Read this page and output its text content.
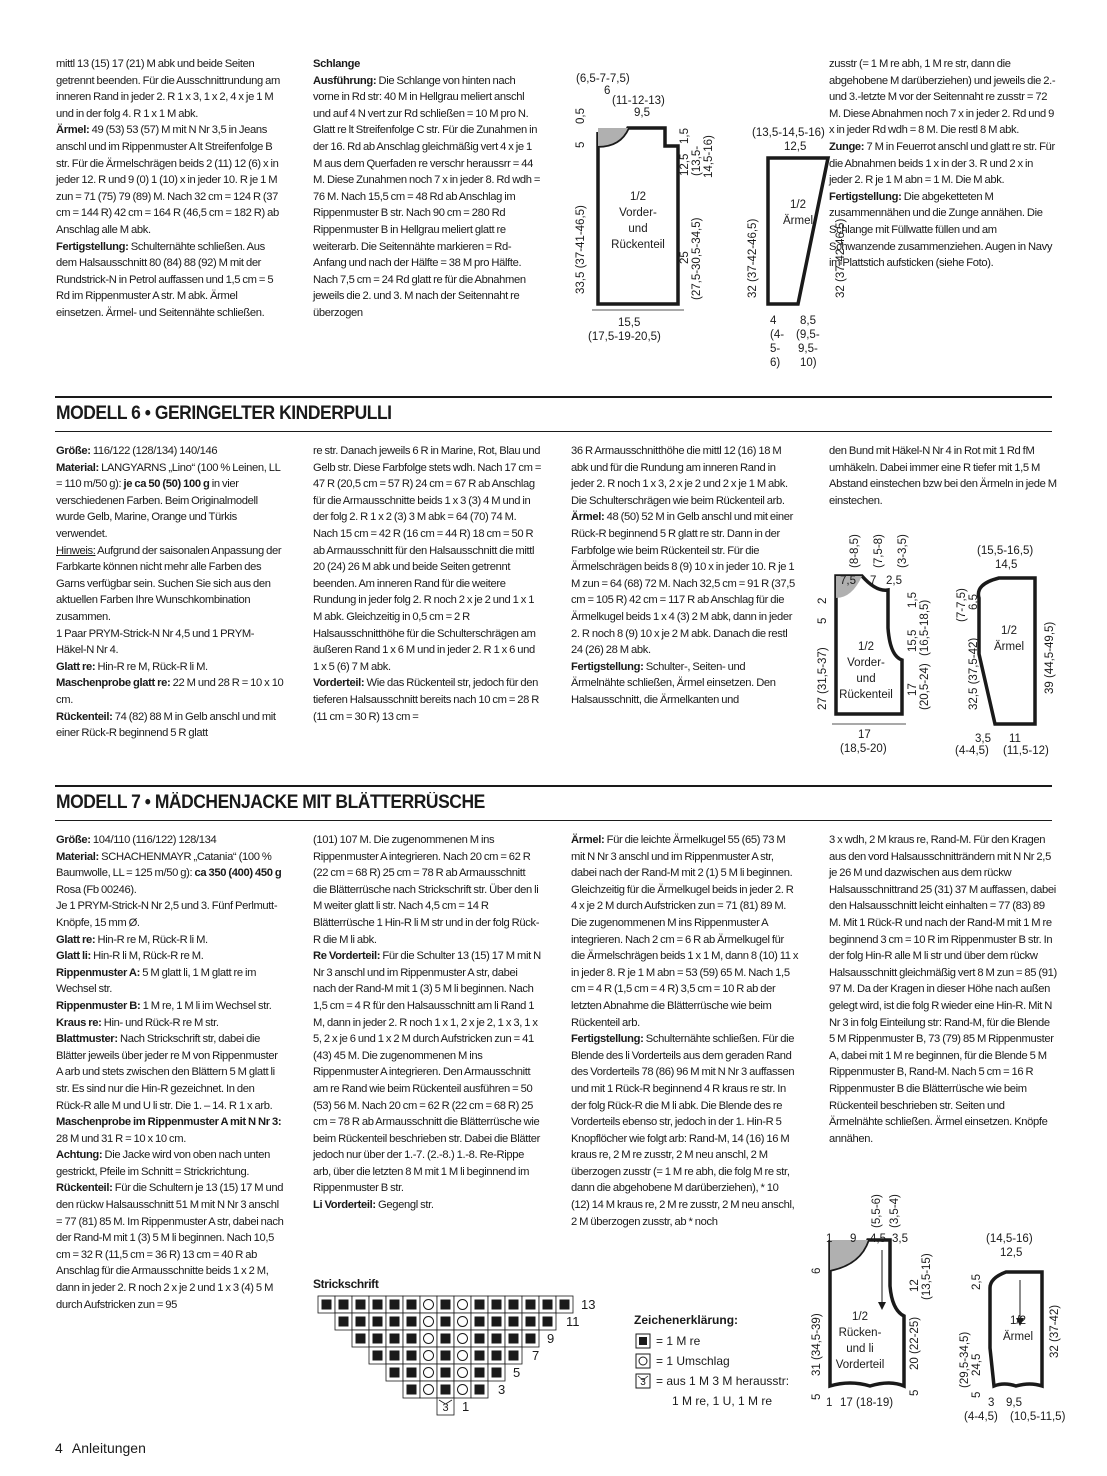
mittl 13 (15) 17 (21) M abk und beide Seiten getrennt beenden. Für die Ausschnittrundung am inneren Rand in jeder 2. R 1 x 3, 1 x 2, 4 x je 1 M und in der folg 4. R 1 x 1 M abk.

Ärmel: 49 (53) 53 (57) M mit N Nr 3,5 in Jeans anschl und im Rippenmuster A lt Streifenfolge B str. Für die Ärmelschrägen beids 2 (11) 12 (6) x in jeder 12. R und 9 (0) 1 (10) x in jeder 10. R je 1 M zun = 71 (75) 79 (89) M. Nach 32 cm = 124 R (37 cm = 144 R) 42 cm = 164 R (46,5 cm = 182 R) ab Anschlag alle M abk.

Fertigstellung: Schulternähte schließen. Aus dem Halsausschnitt 80 (84) 88 (92) M mit der Rundstrick-N in Petrol auffassen und 1,5 cm = 5 Rd im Rippenmuster A str. M abk. Ärmel einsetzen. Ärmel- und Seitennähte schließen.

Schlange

Ausführung: Die Schlange von hinten nach vorne in Rd str: 40 M in Hellgrau meliert anschl und auf 4 N vert zur Rd schließen = 10 M pro N. Glatt re lt Streifenfolge C str. Für die Zunahmen in der 16. Rd ab Anschlag gleichmäßig vert 4 x je 1 M aus dem Querfaden re verschr heraussrr = 44 M. Diese Zunahmen noch 7 x in jeder 8. Rd wdh = 76 M. Nach 15,5 cm = 48 Rd ab Anschlag im Rippenmuster B str. Nach 90 cm = 280 Rd Rippenmuster B in Hellgrau meliert glatt re weiterarb. Die Seitennähte markieren = Rd-Anfang und nach der Hälfte = 38 M pro Hälfte. Nach 7,5 cm = 24 Rd glatt re für die Abnahmen jeweils die 2. und 3. M nach der Seitennaht re überzogen

zusstr (= 1 M re abh, 1 M re str, dann die abgehobene M darüberziehen) und jeweils die 2.- und 3.-letzte M vor der Seitennaht re zusstr = 72 M. Diese Abnahmen noch 7 x in jeder 2. Rd und 9 x in jeder Rd wdh = 8 M. Die restl 8 M abk.

Zunge: 7 M in Feuerrot anschl und glatt re str. Für die Abnahmen beids 1 x in der 3. R und 2 x in jeder 2. R je 1 M abn = 1 M. Die M abk.

Fertigstellung: Die abgeketteten M zusammennähen und die Zunge annähen. Die Schlange mit Füllwatte füllen und am Schwanzende zusammenziehen. Augen in Navy im Plattstich aufsticken (siehe Foto).

MODELL 6 • GERINGELTER KINDERPULLI

Größe: 116/122 (128/134) 140/146

Material: LANGYARNS „Lino“ (100 % Leinen, LL = 110 m/50 g): je ca 50 (50) 100 g in vier verschiedenen Farben. Beim Originalmodell wurde Gelb, Marine, Orange und Türkis verwendet.

Hinweis: Aufgrund der saisonalen Anpassung der Farbkarte können nicht mehr alle Farben des Garns verfügbar sein. Suchen Sie sich aus den aktuellen Farben Ihre Wunschkombination zusammen.

1 Paar PRYM-Strick-N Nr 4,5 und 1 PRYM-Häkel-N Nr 4.

Glatt re: Hin-R re M, Rück-R li M.

Maschenprobe glatt re: 22 M und 28 R = 10 x 10 cm.

Rückenteil: 74 (82) 88 M in Gelb anschl und mit einer Rück-R beginnend 5 R glatt

re str. Danach jeweils 6 R in Marine, Rot, Blau und Gelb str. Diese Farbfolge stets wdh. Nach 17 cm = 47 R (20,5 cm = 57 R) 24 cm = 67 R ab Anschlag für die Armausschnitte beids 1 x 3 (3) 4 M und in der folg 2. R 1 x 2 (3) 3 M abk = 64 (70) 74 M. Nach 15 cm = 42 R (16 cm = 44 R) 18 cm = 50 R ab Armausschnitt für den Halsausschnitt die mittl 20 (24) 26 M abk und beide Seiten getrennt beenden. Am inneren Rand für die weitere Rundung in jeder folg 2. R noch 2 x je 2 und 1 x 1 M abk. Gleichzeitig in 0,5 cm = 2 R Halsausschnitthöhe für die Schulterschrägen am äußeren Rand 1 x 6 M und in jeder 2. R 1 x 6 und 1 x 5 (6) 7 M abk.

Vorderteil: Wie das Rückenteil str, jedoch für den tieferen Halsausschnitt bereits nach 10 cm = 28 R (11 cm = 30 R) 13 cm =

36 R Armausschnitthöhe die mittl 12 (16) 18 M abk und für die Rundung am inneren Rand in jeder 2. R noch 1 x 3, 2 x je 2 und 2 x je 1 M abk. Die Schulterschrägen wie beim Rückenteil arb.

Ärmel: 48 (50) 52 M in Gelb anschl und mit einer Rück-R beginnend 5 R glatt re str. Dann in der Farbfolge wie beim Rückenteil str. Für die Ärmelschrägen beids 8 (9) 10 x in jeder 10. R je 1 M zun = 64 (68) 72 M. Nach 32,5 cm = 91 R (37,5 cm = 105 R) 42 cm = 117 R ab Anschlag für die Ärmelkugel beids 1 x 4 (3) 2 M abk, dann in jeder 2. R noch 8 (9) 10 x je 2 M abk. Danach die restl 24 (26) 28 M abk.

Fertigstellung: Schulter-, Seiten- und Ärmelnähte schließen, Ärmel einsetzen. Den Halsausschnitt, die Ärmelkanten und

den Bund mit Häkel-N Nr 4 in Rot mit 1 Rd fM umhäkeln. Dabei immer eine R tiefer mit 1,5 M Abstand einstechen bzw bei den Ärmeln in jede M einstechen.

MODELL 7 • MÄDCHENJACKE MIT BLÄTTERRÜSCHE

Größe: 104/110 (116/122) 128/134

Material: SCHACHENMAYR „Catania“ (100 % Baumwolle, LL = 125 m/50 g): ca 350 (400) 450 g Rosa (Fb 00246).

Je 1 PRYM-Strick-N Nr 2,5 und 3. Fünf Perlmutt-Knöpfe, 15 mm Ø.

Glatt re: Hin-R re M, Rück-R li M.

Glatt li: Hin-R li M, Rück-R re M.

Rippenmuster A: 5 M glatt li, 1 M glatt re im Wechsel str.

Rippenmuster B: 1 M re, 1 M li im Wechsel str.

Kraus re: Hin- und Rück-R re M str.

Blattmuster: Nach Strickschrift str, dabei die Blätter jeweils über jeder re M von Rippenmuster A arb und stets zwischen den Blättern 5 M glatt li str. Es sind nur die Hin-R gezeichnet. In den Rück-R alle M und U li str. Die 1. – 14. R 1 x arb.

Maschenprobe im Rippenmuster A mit N Nr 3: 28 M und 31 R = 10 x 10 cm.

Achtung: Die Jacke wird von oben nach unten gestrickt, Pfeile im Schnitt = Strickrichtung.

Rückenteil: Für die Schultern je 13 (15) 17 M und den rückw Halsausschnitt 51 M mit N Nr 3 anschl = 77 (81) 85 M. Im Rippenmuster A str, dabei nach der Rand-M mit 1 (3) 5 M li beginnen. Nach 10,5 cm = 32 R (11,5 cm = 36 R) 13 cm = 40 R ab Anschlag für die Armausschnitte beids 1 x 2 M, dann in jeder 2. R noch 2 x je 2 und 1 x 3 (4) 5 M durch Aufstricken zun = 95

(101) 107 M. Die zugenommenen M ins Rippenmuster A integrieren. Nach 20 cm = 62 R (22 cm = 68 R) 25 cm = 78 R ab Armausschnitt die Blätterrüsche nach Strickschrift str. Über den li M weiter glatt li str. Nach 4,5 cm = 14 R Blätterrüsche 1 Hin-R li M str und in der folg Rück-R die M li abk.

Re Vorderteil: Für die Schulter 13 (15) 17 M mit N Nr 3 anschl und im Rippenmuster A str, dabei nach der Rand-M mit 1 (3) 5 M li beginnen. Nach 1,5 cm = 4 R für den Halsausschnitt am li Rand 1 M, dann in jeder 2. R noch 1 x 1, 2 x je 2, 1 x 3, 1 x 5, 2 x je 6 und 1 x 2 M durch Aufstricken zun = 41 (43) 45 M. Die zugenommenen M ins Rippenmuster A integrieren. Den Armausschnitt am re Rand wie beim Rückenteil ausführen = 50 (53) 56 M. Nach 20 cm = 62 R (22 cm = 68 R) 25 cm = 78 R ab Armausschnitt die Blätterrüsche wie beim Rückenteil beschrieben str. Dabei die Blätter jedoch nur über der 1.-7. (2.-8.) 1.-8. Re-Rippe arb, über die letzten 8 M mit 1 M li beginnend im Rippenmuster B str.

Li Vorderteil: Gegengl str.

Ärmel: Für die leichte Ärmelkugel 55 (65) 73 M mit N Nr 3 anschl und im Rippenmuster A str, dabei nach der Rand-M mit 2 (1) 5 M li beginnen. Gleichzeitig für die Ärmelkugel beids in jeder 2. R 4 x je 2 M durch Aufstricken zun = 71 (81) 89 M. Die zugenommenen M ins Rippenmuster A integrieren. Nach 2 cm = 6 R ab Ärmelkugel für die Ärmelschrägen beids 1 x 1 M, dann 8 (10) 11 x in jeder 8. R je 1 M abn = 53 (59) 65 M. Nach 1,5 cm = 4 R (1,5 cm = 4 R) 3,5 cm = 10 R ab der letzten Abnahme die Blätterrüsche wie beim Rückenteil arb.

Fertigstellung: Schulternähte schließen. Für die Blende des li Vorderteils aus dem geraden Rand des Vorderteils 78 (86) 96 M mit N Nr 3 auffassen und mit 1 Rück-R beginnend 4 R kraus re str. In der folg Rück-R die M li abk. Die Blende des re Vorderteils ebenso str, jedoch in der 1. Hin-R 5 Knopflöcher wie folgt arb: Rand-M, 14 (16) 16 M kraus re, 2 M re zusstr, 2 M neu anschl, 2 M überzogen zusstr (= 1 M re abh, die folg M re str, dann die abgehobene M darüberziehen), * 10 (12) 14 M kraus re, 2 M re zusstr, 2 M neu anschl, 2 M überzogen zusstr, ab * noch

3 x wdh, 2 M kraus re, Rand-M. Für den Kragen aus den vord Halsausschnitträndern mit N Nr 2,5 je 26 M und dazwischen aus dem rückw Halsausschnittrand 25 (31) 37 M auffassen, dabei den Halsausschnitt leicht einhalten = 77 (83) 89 M. Mit 1 Rück-R und nach der Rand-M mit 1 M re beginnend 3 cm = 10 R im Rippenmuster B str. In der folg Hin-R alle M li str und über dem rückw Halsausschnitt gleichmäßig vert 8 M zun = 85 (91) 97 M. Da der Kragen in dieser Höhe nach außen gelegt wird, ist die folg R wieder eine Hin-R. Mit N Nr 3 in folg Einteilung str: Rand-M, für die Blende 5 M Rippenmuster B, 73 (79) 85 M Rippenmuster A, dabei mit 1 M re beginnen, für die Blende 5 M Rippenmuster B, Rand-M. Nach 5 cm = 16 R Rippenmuster B die Blätterrüsche wie beim Rückenteil beschrieben str. Seiten und Ärmelnähte schließen. Ärmel einsetzen. Knöpfe annähen.

(6,5-7-7,5)
6
(11-12-13)
9,5
0,5
5
1,5
12,5 (13,5- 14,5-16)
33,5 (37-41-46,5)	25 (27,5-30,5-34,5)
15,5
(17,5-19-20,5)
1/2
Vorder-
und
Rückenteil
(13,5-14,5-16)
12,5
32 (37-42-46,5)	32 (37-42-46,5)
4
(4-
5-
6)
8,5
(9,5-
9,5-
10)
1/2
Ärmel
(8-8,5) (7,5-8) (3-3,5)
7,5 7 2,5
2
5
1,5
15,5 (16,5-18,5)
27 (31,5-37)	17 (20,5-24)
17
(18,5-20)
1/2
Vorder-
und
Rückenteil
(15,5-16,5)
14,5
(7-7,5) 6,5
32,5 (37,5-42)	39 (44,5-49,5)
3,5 11
(4-4,5) (11,5-12)
1/2
Ärmel
(5,5-6) (3,5-4)
1 9 4,5 3,5
6
12 (13,5-15)
31 (34,5-39)	20 (22-25)
5
5
1 17 (18-19)
1/2
Rücken-
und li
Vorderteil
(14,5-16)
12,5
2,5
(29,5-34,5) 24,5
32 (37-42)
5
3 9,5
(4-4,5) (10,5-11,5)
1/2
Ärmel
Strickschrift
13
11
9
7
5
3
3 1
Zeichenerklärung:
= 1 M re
= 1 Umschlag
3 = aus 1 M 3 M herausstr:
1 M re, 1 U, 1 M re
4 Anleitungen
